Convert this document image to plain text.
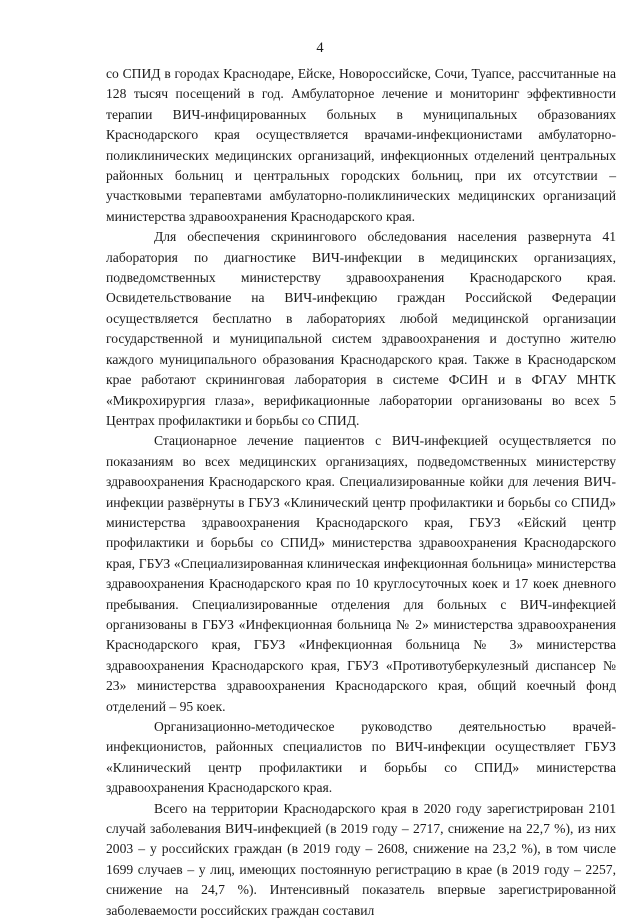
4

со СПИД в городах Краснодаре, Ейске, Новороссийске, Сочи, Туапсе, рассчитанные на 128 тысяч посещений в год. Амбулаторное лечение и мониторинг эффективности терапии ВИЧ-инфицированных больных в муниципальных образованиях Краснодарского края осуществляется врачами-инфекционистами амбулаторно-поликлинических медицинских организаций, инфекционных отделений центральных районных больниц и центральных городских больниц, при их отсутствии – участковыми терапевтами амбулаторно-поликлинических медицинских организаций министерства здравоохранения Краснодарского края.

Для обеспечения скринингового обследования населения развернута 41 лаборатория по диагностике ВИЧ-инфекции в медицинских организациях, подведомственных министерству здравоохранения Краснодарского края. Освидетельствование на ВИЧ-инфекцию граждан Российской Федерации осуществляется бесплатно в лабораториях любой медицинской организации государственной и муниципальной систем здравоохранения и доступно жителю каждого муниципального образования Краснодарского края. Также в Краснодарском крае работают скрининговая лаборатория в системе ФСИН и в ФГАУ МНТК «Микрохирургия глаза», верификационные лаборатории организованы во всех 5 Центрах профилактики и борьбы со СПИД.

Стационарное лечение пациентов с ВИЧ-инфекцией осуществляется по показаниям во всех медицинских организациях, подведомственных министерству здравоохранения Краснодарского края. Специализированные койки для лечения ВИЧ-инфекции развёрнуты в ГБУЗ «Клинический центр профилактики и борьбы со СПИД» министерства здравоохранения Краснодарского края, ГБУЗ «Ейский центр профилактики и борьбы со СПИД» министерства здравоохранения Краснодарского края, ГБУЗ «Специализированная клиническая инфекционная больница» министерства здравоохранения Краснодарского края по 10 круглосуточных коек и 17 коек дневного пребывания. Специализированные отделения для больных с ВИЧ-инфекцией организованы в ГБУЗ «Инфекционная больница № 2» министерства здравоохранения Краснодарского края, ГБУЗ «Инфекционная больница № 3» министерства здравоохранения Краснодарского края, ГБУЗ «Противотуберкулезный диспансер № 23» министерства здравоохранения Краснодарского края, общий коечный фонд отделений – 95 коек.

Организационно-методическое руководство деятельностью врачей-инфекционистов, районных специалистов по ВИЧ-инфекции осуществляет ГБУЗ «Клинический центр профилактики и борьбы со СПИД» министерства здравоохранения Краснодарского края.

Всего на территории Краснодарского края в 2020 году зарегистрирован 2101 случай заболевания ВИЧ-инфекцией (в 2019 году – 2717, снижение на 22,7 %), из них 2003 – у российских граждан (в 2019 году – 2608, снижение на 23,2 %), в том числе 1699 случаев – у лиц, имеющих постоянную регистрацию в крае (в 2019 году – 2257, снижение на 24,7 %). Интенсивный показатель впервые зарегистрированной заболеваемости российских граждан составил
